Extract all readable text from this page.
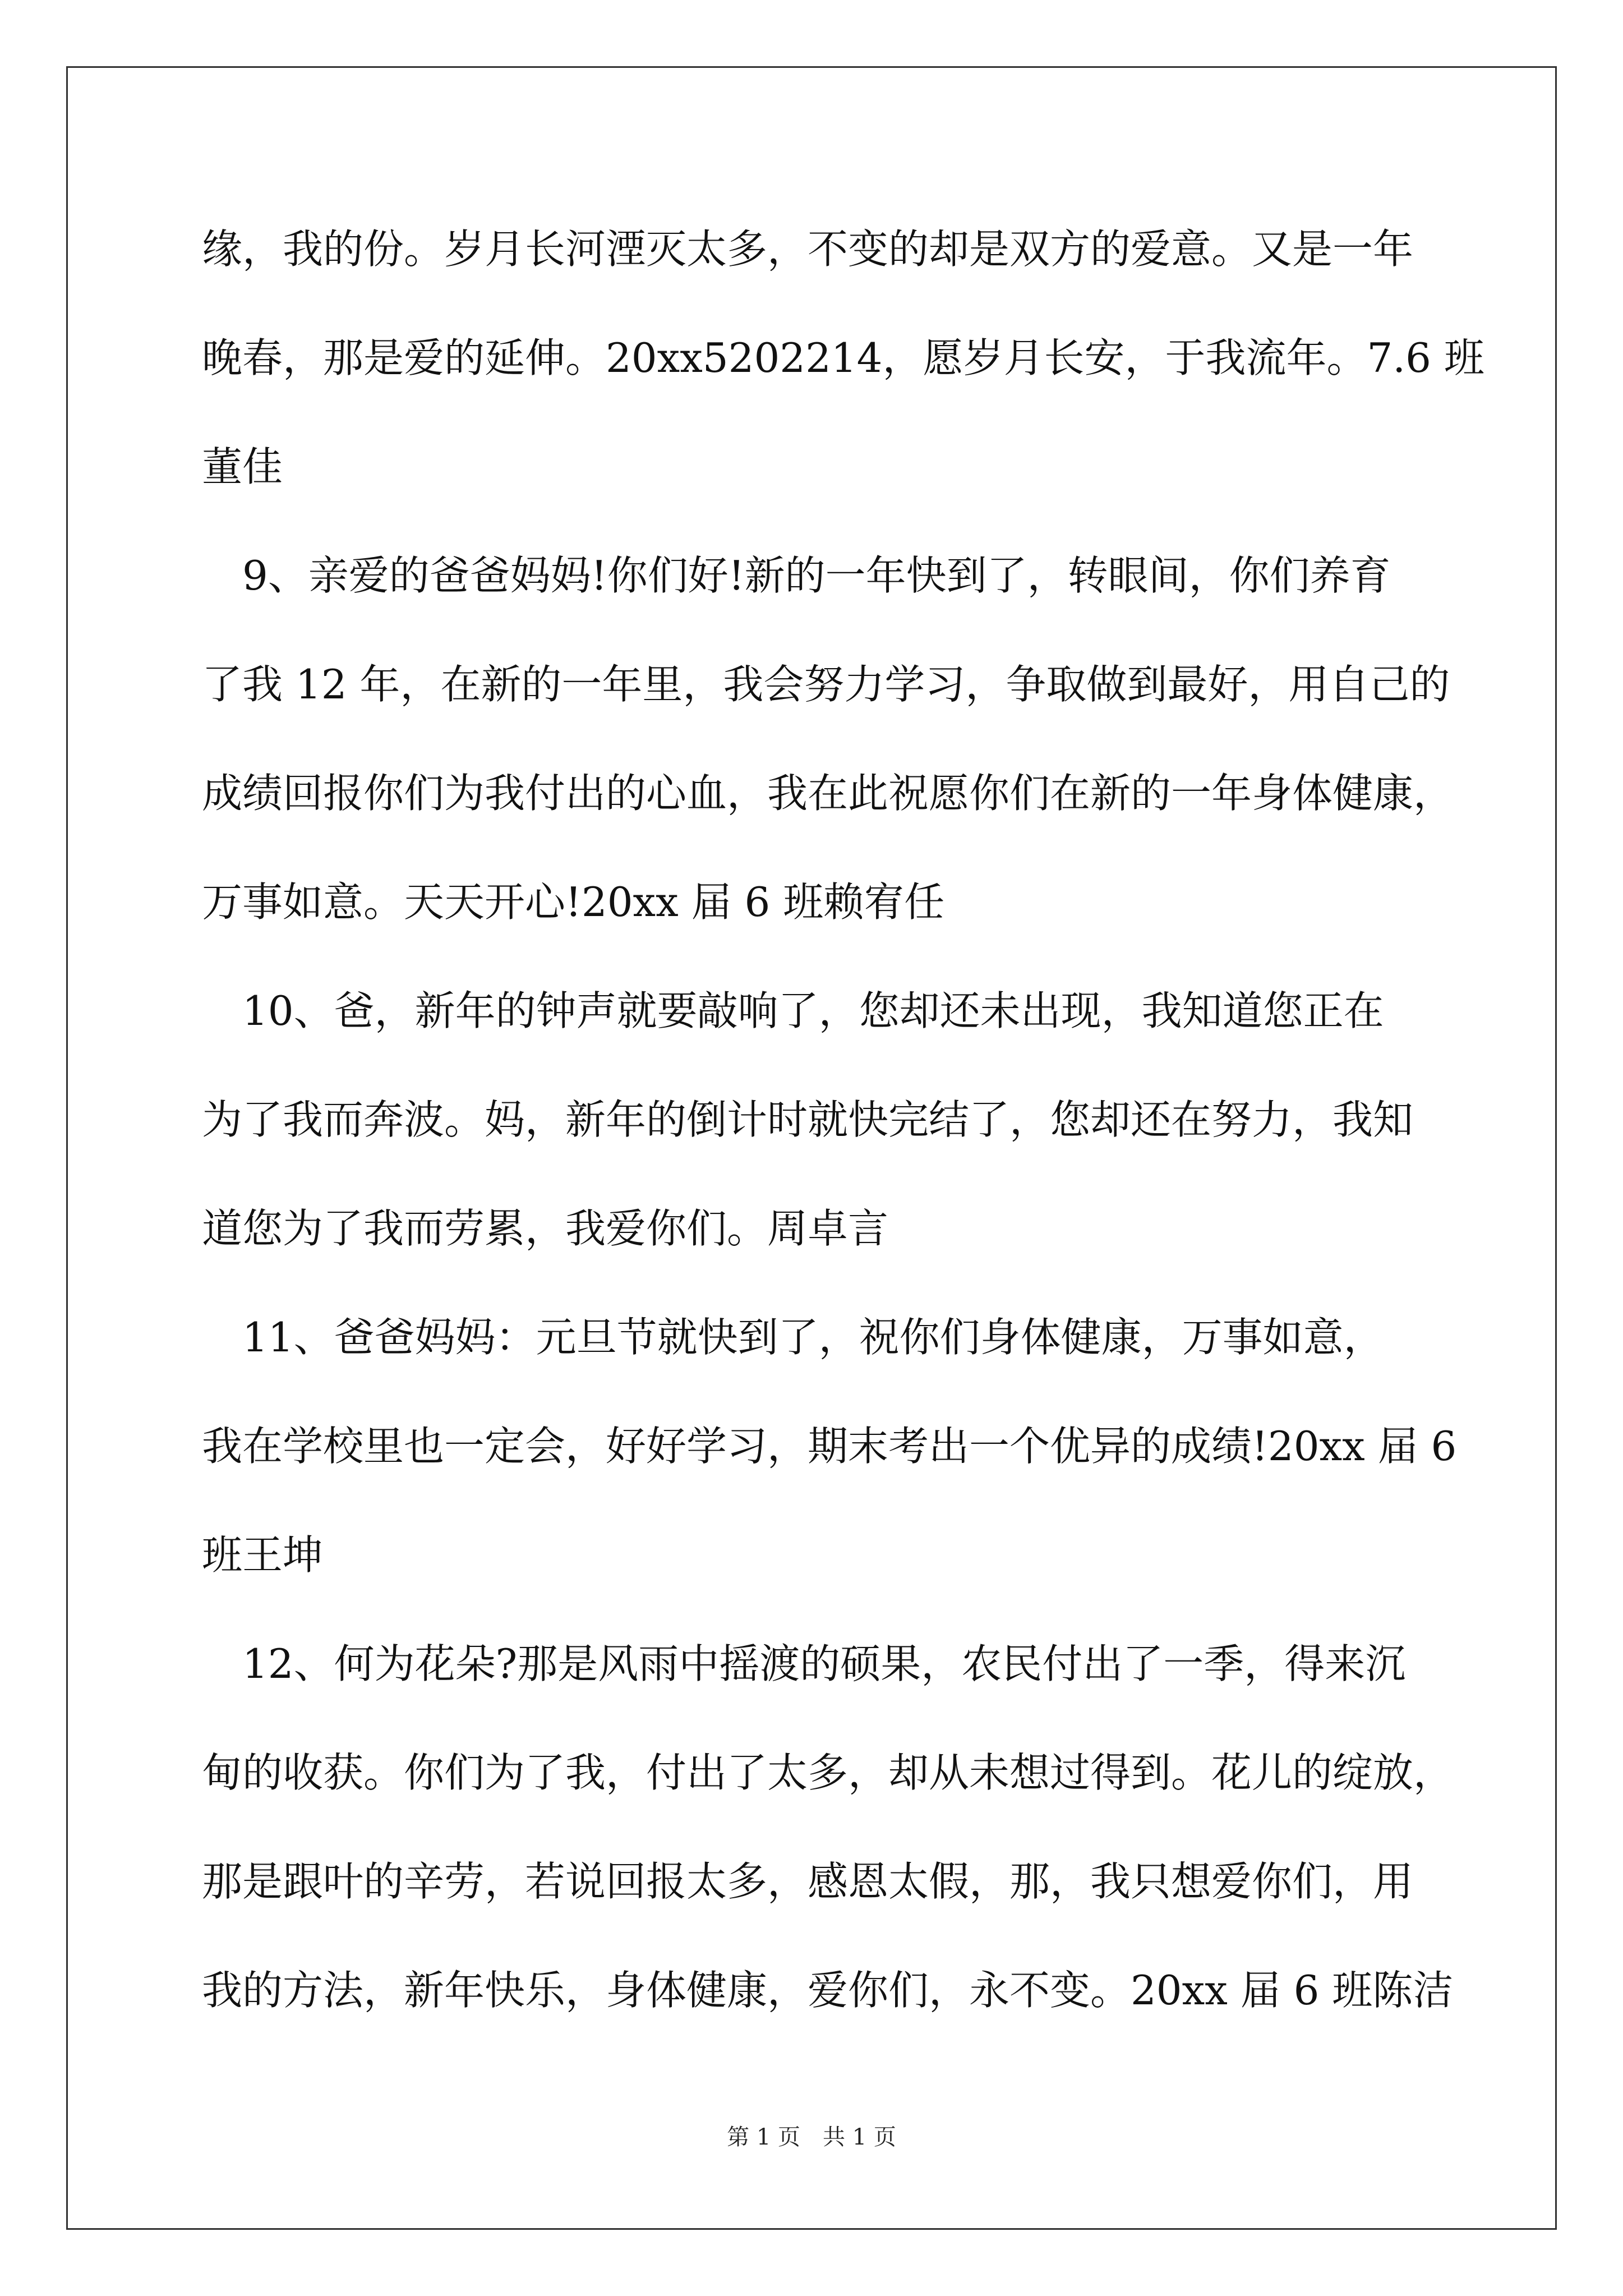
缘，我的份。岁月长河湮灭太多，不变的却是双方的爱意。又是一年
晚春，那是爱的延伸。20xx5202214，愿岁月长安，于我流年。7.6 班
董佳
　9、亲爱的爸爸妈妈!你们好!新的一年快到了，转眼间，你们养育
了我 12 年，在新的一年里，我会努力学习，争取做到最好，用自己的
成绩回报你们为我付出的心血，我在此祝愿你们在新的一年身体健康，
万事如意。天天开心!20xx 届 6 班赖宥任
　10、爸，新年的钟声就要敲响了，您却还未出现，我知道您正在
为了我而奔波。妈，新年的倒计时就快完结了，您却还在努力，我知
道您为了我而劳累，我爱你们。周卓言
　11、爸爸妈妈：元旦节就快到了，祝你们身体健康，万事如意，
我在学校里也一定会，好好学习，期末考出一个优异的成绩!20xx 届 6
班王坤
　12、何为花朵?那是风雨中摇渡的硕果，农民付出了一季，得来沉
甸的收获。你们为了我，付出了太多，却从未想过得到。花儿的绽放，
那是跟叶的辛劳，若说回报太多，感恩太假，那，我只想爱你们，用
我的方法，新年快乐，身体健康，爱你们，永不变。20xx 届 6 班陈洁
第 1 页　共 1 页
